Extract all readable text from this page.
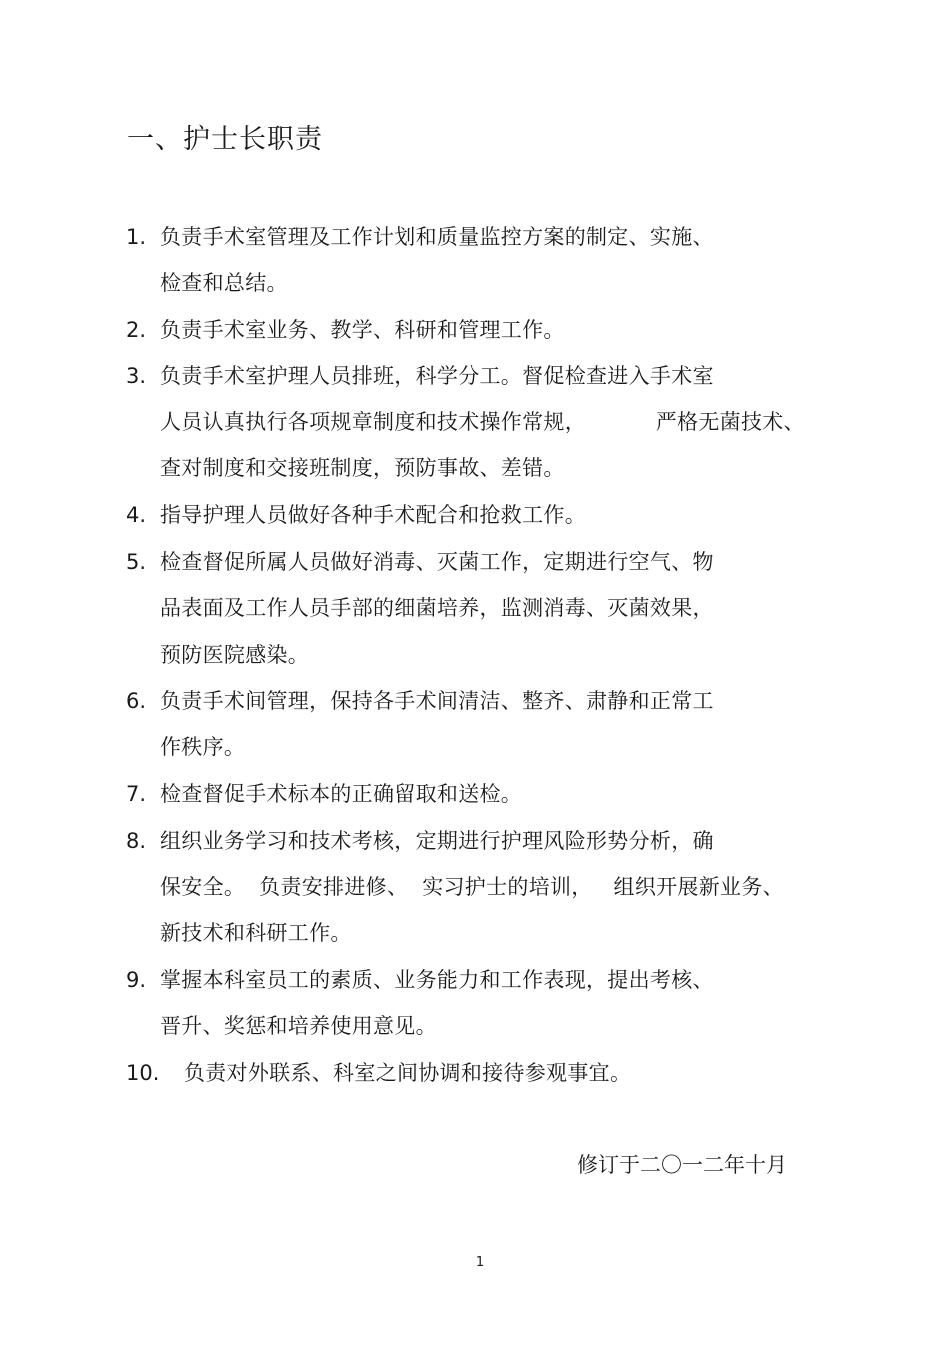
一、护士长职责
1. 负责手术室管理及工作计划和质量监控方案的制定、实施、
检查和总结。
2. 负责手术室业务、教学、科研和管理工作。
3. 负责手术室护理人员排班，科学分工。督促检查进入手术室
人员认真执行各项规章制度和技术操作常规，          严格无菌技术、
查对制度和交接班制度，预防事故、差错。
4. 指导护理人员做好各种手术配合和抢救工作。
5. 检查督促所属人员做好消毒、灭菌工作，定期进行空气、物
品表面及工作人员手部的细菌培养，监测消毒、灭菌效果，
预防医院感染。
6. 负责手术间管理，保持各手术间清洁、整齐、肃静和正常工
作秩序。
7. 检查督促手术标本的正确留取和送检。
8. 组织业务学习和技术考核，定期进行护理风险形势分析，确
保安全。  负责安排进修、  实习护士的培训，   组织开展新业务、
新技术和科研工作。
9. 掌握本科室员工的素质、业务能力和工作表现，提出考核、
晋升、奖惩和培养使用意见。
10. 负责对外联系、科室之间协调和接待参观事宜。
修订于二〇一二年十月
1
